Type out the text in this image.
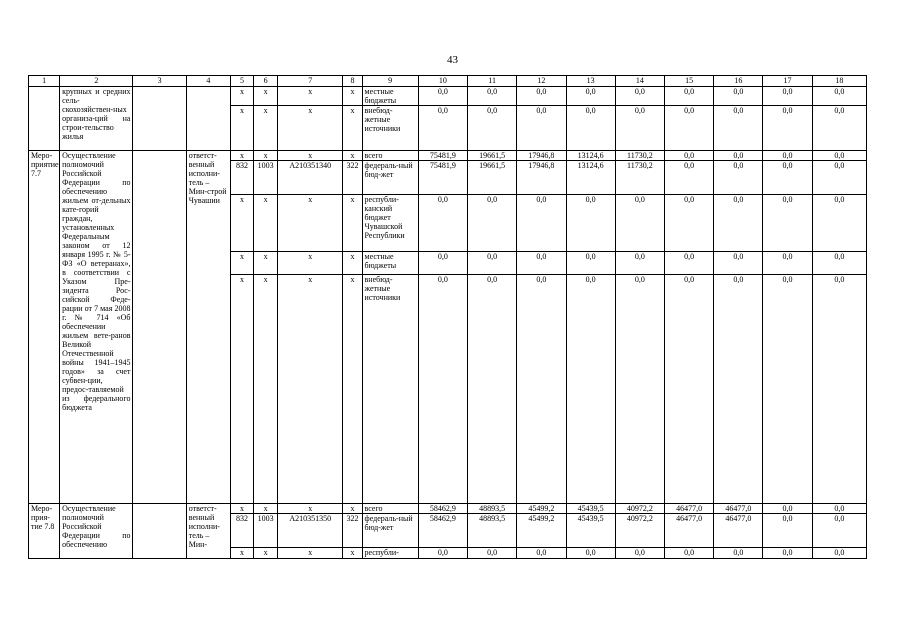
43
1	2	3	4	5	6	7	8	9	10	11	12	13	14	15	16	17	18
	крупных и средних сель-скохозяйствен-ных организа-ций на строи-тельство жилья			x	x	x	x	местные бюджеты	0,0	0,0	0,0	0,0	0,0	0,0	0,0	0,0	0,0
				x	x	x	x	внебюд-жетные источники	0,0	0,0	0,0	0,0	0,0	0,0	0,0	0,0	0,0
Меро-приятие 7.7	Осуществление полномочий Российской Федерации по обеспечению жильем от-дельных кате-горий граждан, установленных Федеральным законом от 12 января 1995 г. № 5-ФЗ «О ветеранах», в соответствии с Указом Пре-зидента Рос-сийской Феде-рации от 7 мая 2008 г. № 714 «Об обеспечении жильем вете-ранов Великой Отечественной войны 1941–1945 годов» за счет субвен-ции, предос-тавляемой из федерального бюджета		ответст-венный исполни-тель – Мин-строй Чувашии	x	x	x	x	всего	75481,9	19661,5	17946,8	13124,6	11730,2	0,0	0,0	0,0	0,0
				832	1003	А210351340	322	федераль-ный бюд-жет	75481,9	19661,5	17946,8	13124,6	11730,2	0,0	0,0	0,0	0,0
				x	x	x	x	республи-канский бюджет Чувашской Республики	0,0	0,0	0,0	0,0	0,0	0,0	0,0	0,0	0,0
				x	x	x	x	местные бюджеты	0,0	0,0	0,0	0,0	0,0	0,0	0,0	0,0	0,0
				x	x	x	x	внебюд-жетные источники	0,0	0,0	0,0	0,0	0,0	0,0	0,0	0,0	0,0
Меро-прия-тие 7.8	Осуществление полномочий Российской Федерации по обеспечению		ответст-венный исполни-тель – Мин-	x	x	x	x	всего	58462,9	48893,5	45499,2	45439,5	40972,2	46477,0	46477,0	0,0	0,0
				832	1003	А210351350	322	федераль-ный бюд-жет	58462,9	48893,5	45499,2	45439,5	40972,2	46477,0	46477,0	0,0	0,0
				x	x	x	x	республи-	0,0	0,0	0,0	0,0	0,0	0,0	0,0	0,0	0,0
